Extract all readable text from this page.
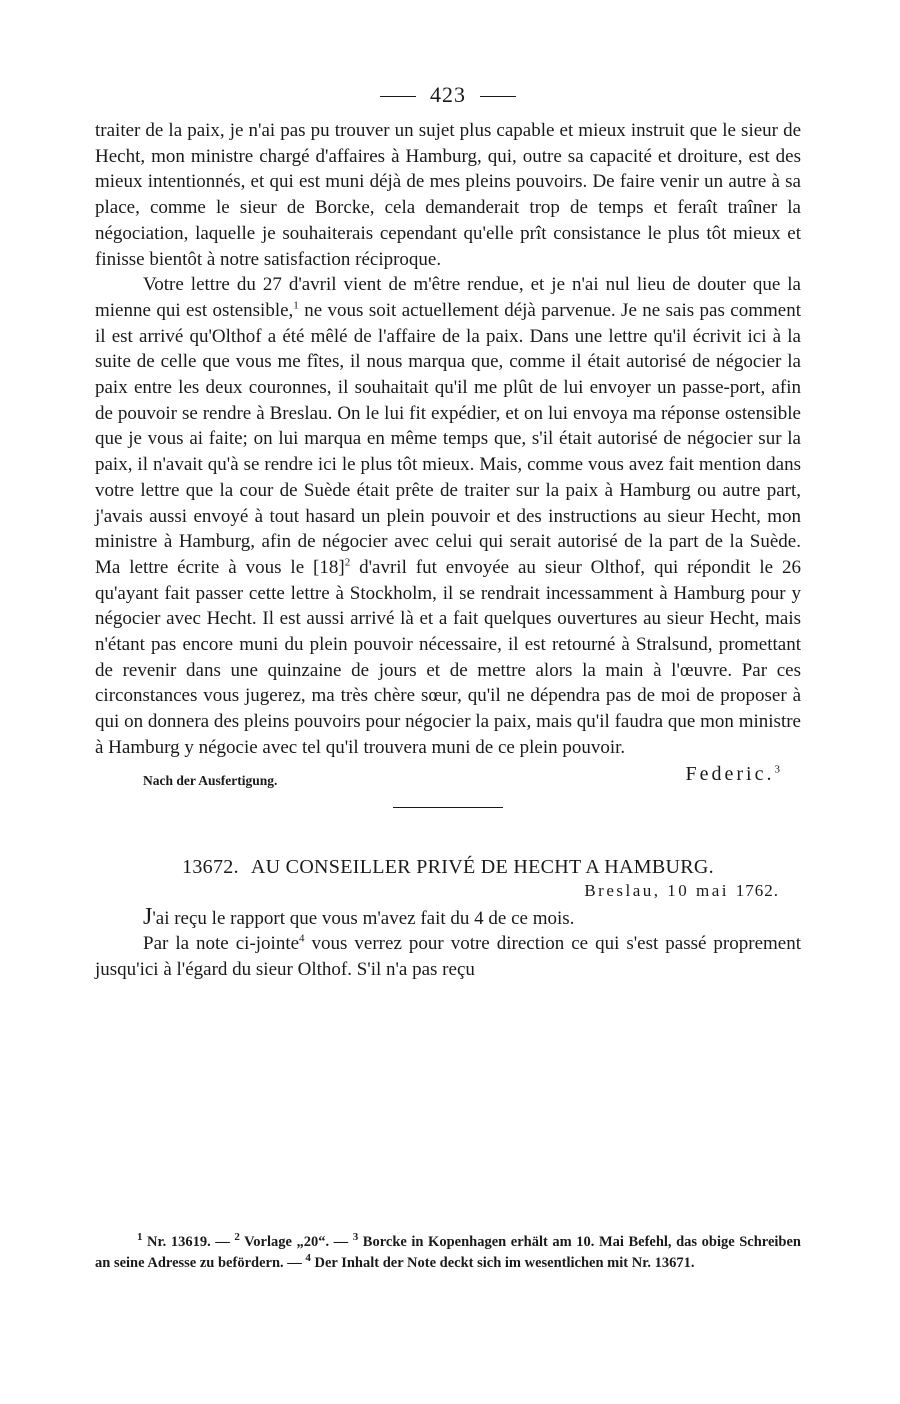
423

traiter de la paix, je n'ai pas pu trouver un sujet plus capable et mieux instruit que le sieur de Hecht, mon ministre chargé d'affaires à Hamburg, qui, outre sa capacité et droiture, est des mieux intentionnés, et qui est muni déjà de mes pleins pouvoirs. De faire venir un autre à sa place, comme le sieur de Borcke, cela demanderait trop de temps et feraît traîner la négociation, laquelle je souhaiterais cependant qu'elle prît consistance le plus tôt mieux et finisse bientôt à notre satisfaction réciproque.

Votre lettre du 27 d'avril vient de m'être rendue, et je n'ai nul lieu de douter que la mienne qui est ostensible,$^1$ ne vous soit actuellement déjà parvenue. Je ne sais pas comment il est arrivé qu'Olthof a été mêlé de l'affaire de la paix. Dans une lettre qu'il écrivit ici à la suite de celle que vous me fîtes, il nous marqua que, comme il était autorisé de négocier la paix entre les deux couronnes, il souhaitait qu'il me plût de lui envoyer un passe-port, afin de pouvoir se rendre à Breslau. On le lui fit expédier, et on lui envoya ma réponse ostensible que je vous ai faite; on lui marqua en même temps que, s'il était autorisé de négocier sur la paix, il n'avait qu'à se rendre ici le plus tôt mieux. Mais, comme vous avez fait mention dans votre lettre que la cour de Suède était prête de traiter sur la paix à Hamburg ou autre part, j'avais aussi envoyé à tout hasard un plein pouvoir et des instructions au sieur Hecht, mon ministre à Hamburg, afin de négocier avec celui qui serait autorisé de la part de la Suède. Ma lettre écrite à vous le $[18]^2$ d'avril fut envoyée au sieur Olthof, qui répondit le 26 qu'ayant fait passer cette lettre à Stockholm, il se rendrait incessamment à Hamburg pour y négocier avec Hecht. Il est aussi arrivé là et a fait quelques ouvertures au sieur Hecht, mais n'étant pas encore muni du plein pouvoir nécessaire, il est retourné à Stralsund, promettant de revenir dans une quinzaine de jours et de mettre alors la main à l'œuvre. Par ces circonstances vous jugerez, ma très chère sœur, qu'il ne dépendra pas de moi de proposer à qui on donnera des pleins pouvoirs pour négocier la paix, mais qu'il faudra que mon ministre à Hamburg y négocie avec tel qu'il trouvera muni de ce plein pouvoir.

Nach der Ausfertigung.	Federic.$^3$
13672. AU CONSEILLER PRIVÉ DE HECHT A HAMBURG.
Breslau, 10 mai 1762.

J'ai reçu le rapport que vous m'avez fait du 4 de ce mois.

Par la note ci-jointe$^4$ vous verrez pour votre direction ce qui s'est passé proprement jusqu'ici à l'égard du sieur Olthof. S'il n'a pas reçu

$^1$ Nr. 13619. — $^2$ Vorlage „20“. — $^3$ Borcke in Kopenhagen erhält am 10. Mai Befehl, das obige Schreiben an seine Adresse zu befördern. — $^4$ Der Inhalt der Note deckt sich im wesentlichen mit Nr. 13671.
